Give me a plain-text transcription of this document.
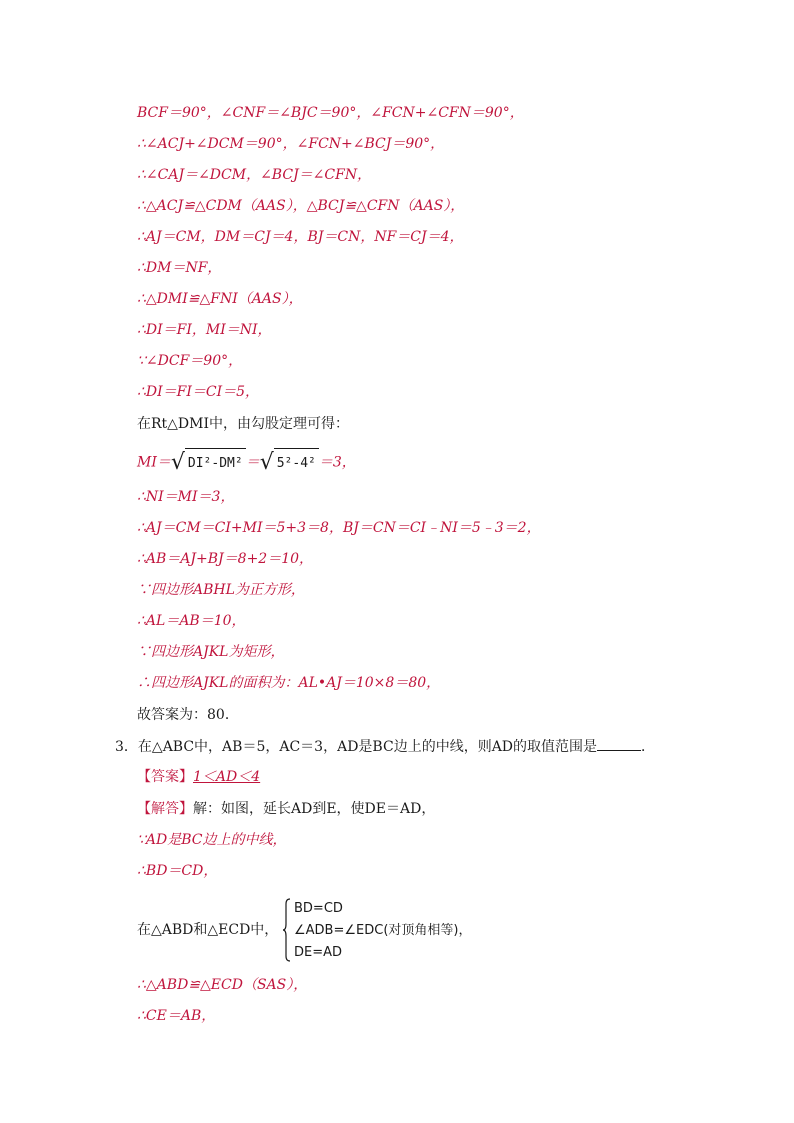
BCF＝90°，∠CNF＝∠BJC＝90°，∠FCN+∠CFN＝90°，
∴∠ACJ+∠DCM＝90°，∠FCN+∠BCJ＝90°，
∴∠CAJ＝∠DCM，∠BCJ＝∠CFN，
∴△ACJ≌△CDM（AAS），△BCJ≌△CFN（AAS），
∴AJ＝CM，DM＝CJ＝4，BJ＝CN，NF＝CJ＝4，
∴DM＝NF，
∴△DMI≌△FNI（AAS），
∴DI＝FI，MI＝NI，
∵∠DCF＝90°，
∴DI＝FI＝CI＝5，
在Rt△DMI中，由勾股定理可得：
MI＝√ DI²-DM² ＝√ 5²-4² ＝3，
∴NI＝MI＝3，
∴AJ＝CM＝CI+MI＝5+3＝8，BJ＝CN＝CI﹣NI＝5﹣3＝2，
∴AB＝AJ+BJ＝8+2＝10，
∵四边形ABHL为正方形，
∴AL＝AB＝10，
∵四边形AJKL为矩形，
∴四边形AJKL的面积为：AL•AJ＝10×8＝80，
故答案为：80．
3．在△ABC中，AB＝5，AC＝3，AD是BC边上的中线，则AD的取值范围是	．
【答案】1＜AD＜4
【解答】解：如图，延长AD到E，使DE＝AD，
∵AD是BC边上的中线，
∴BD＝CD，
在△ABD和△ECD中，
BD=CD
∠ADB=∠EDC(对顶角相等)，
DE=AD
∴△ABD≌△ECD（SAS），
∴CE＝AB，
